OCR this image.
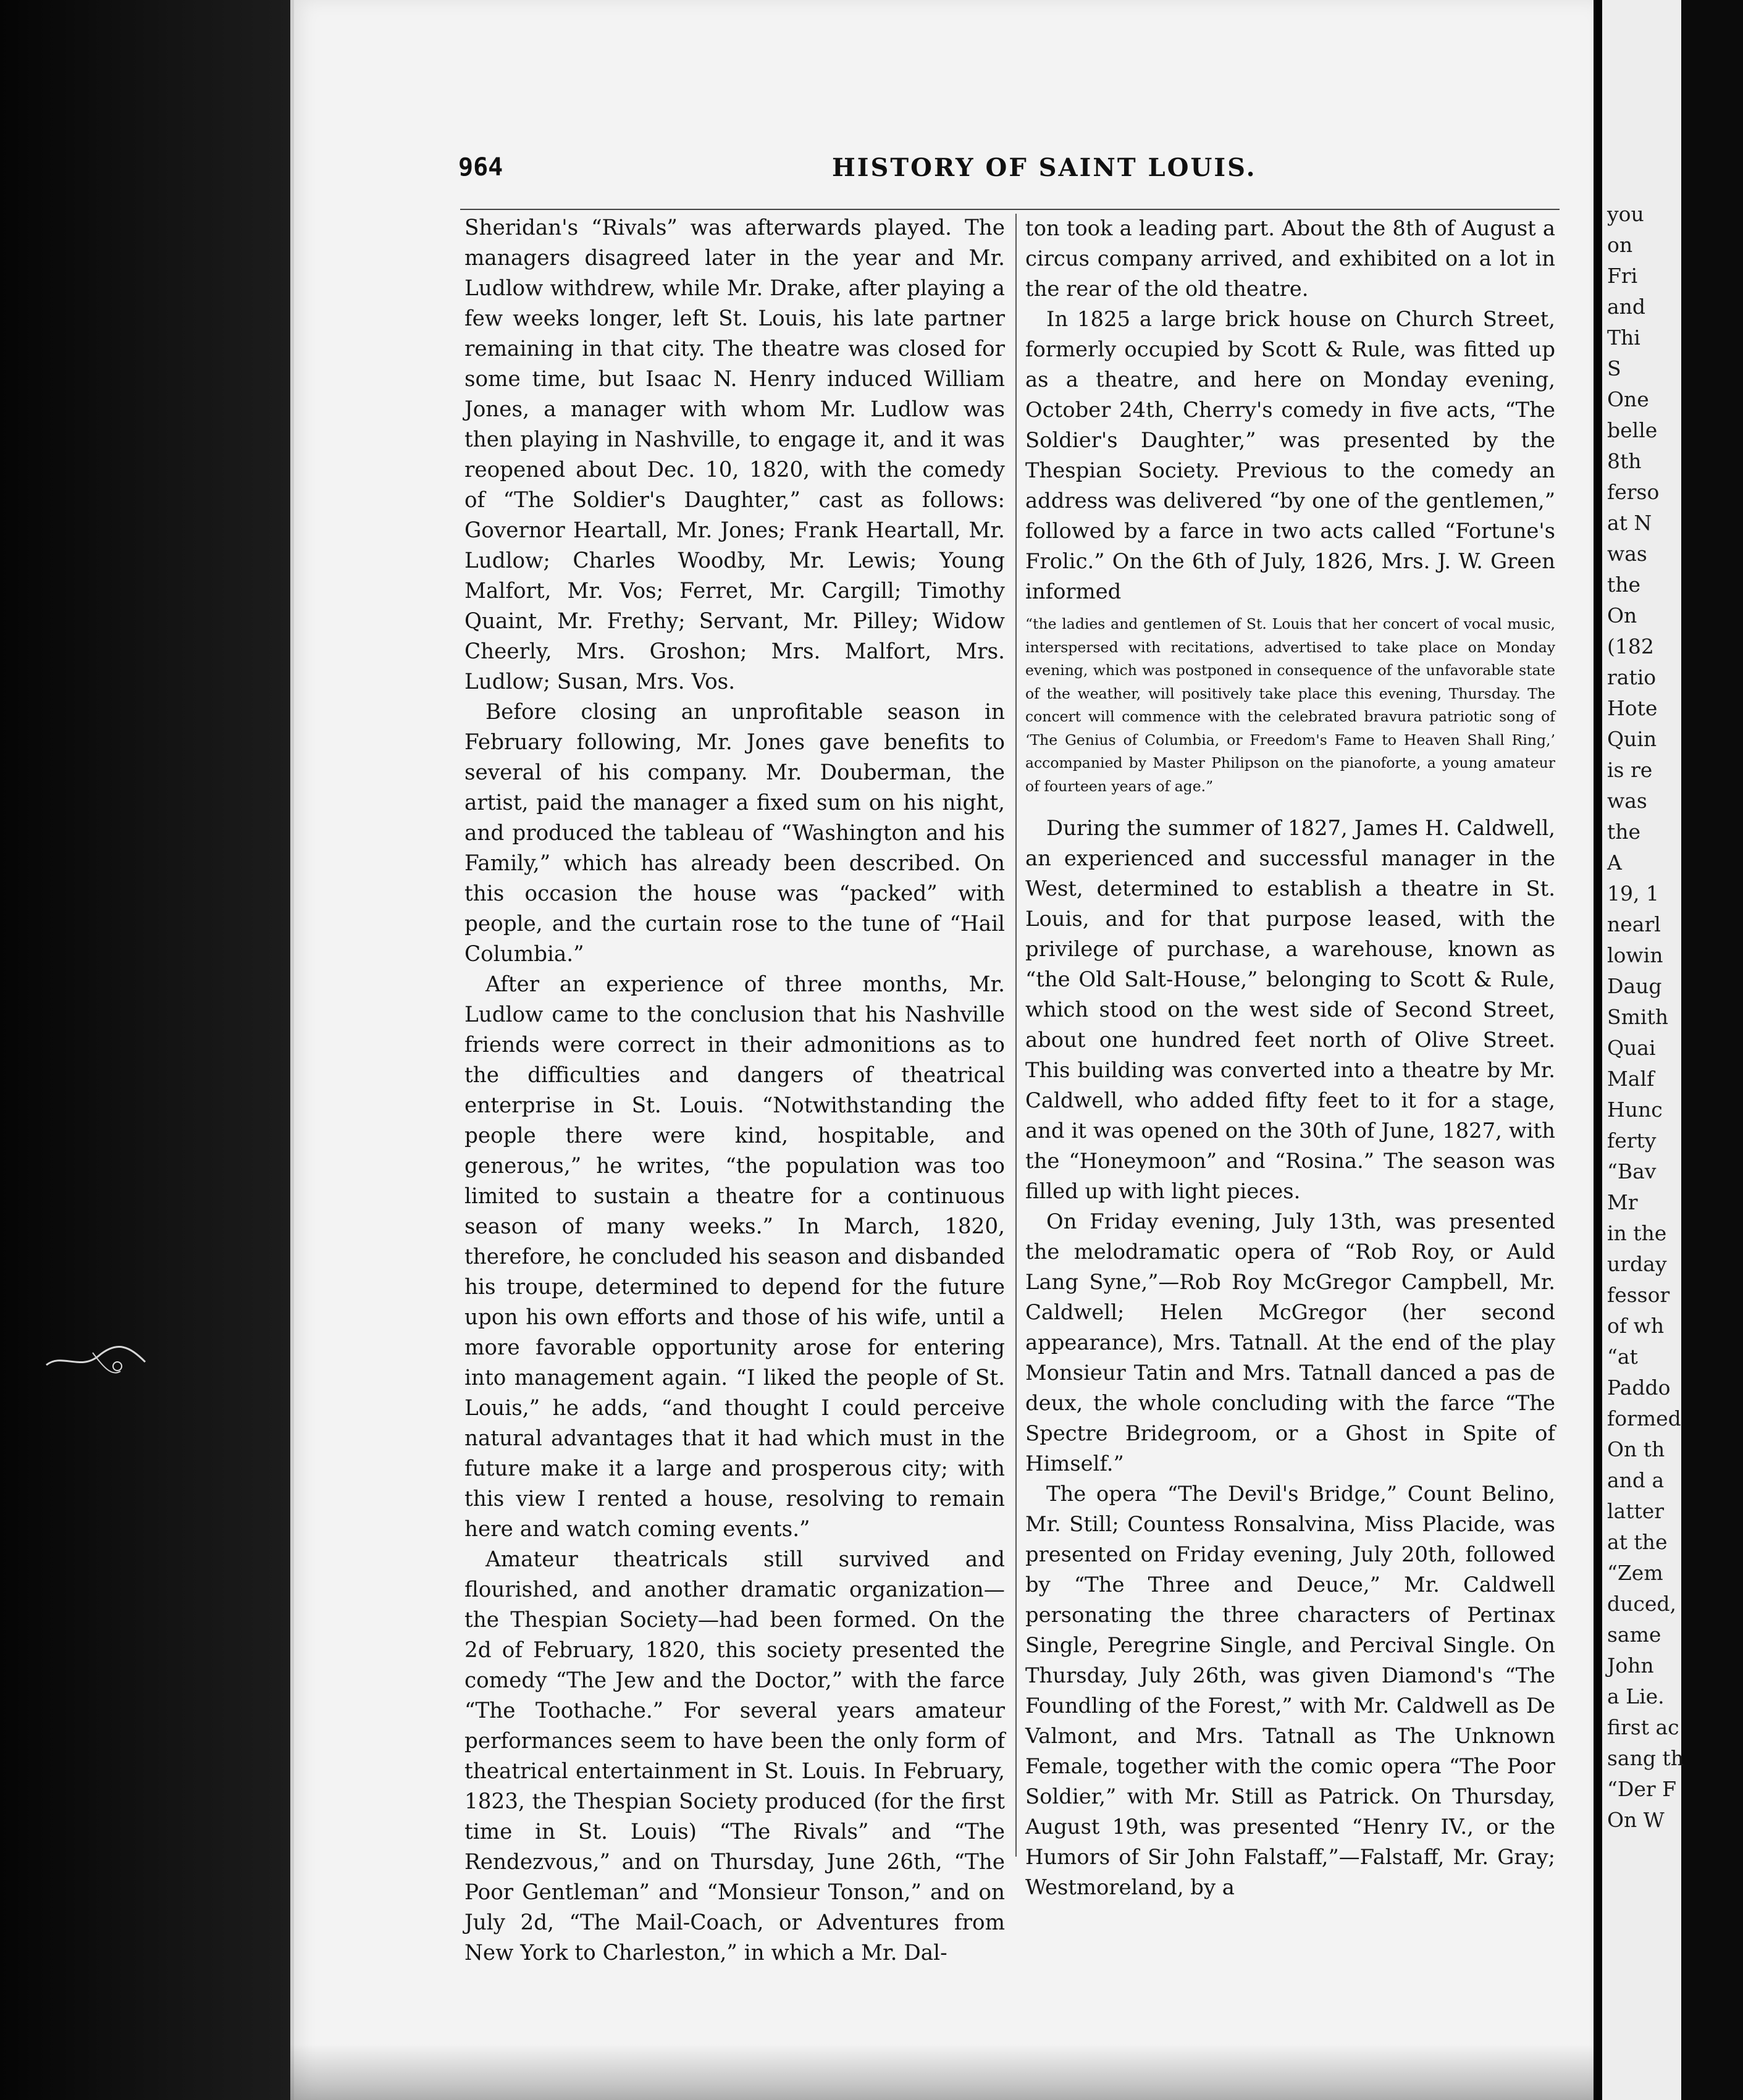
964	HISTORY OF SAINT LOUIS.

Sheridan's “Rivals” was afterwards played. The managers disagreed later in the year and Mr. Ludlow withdrew, while Mr. Drake, after playing a few weeks longer, left St. Louis, his late partner remaining in that city. The theatre was closed for some time, but Isaac N. Henry induced William Jones, a manager with whom Mr. Ludlow was then playing in Nashville, to engage it, and it was reopened about Dec. 10, 1820, with the comedy of “The Soldier's Daughter,” cast as follows: Governor Heartall, Mr. Jones; Frank Heartall, Mr. Ludlow; Charles Woodby, Mr. Lewis; Young Malfort, Mr. Vos; Ferret, Mr. Cargill; Timothy Quaint, Mr. Frethy; Servant, Mr. Pilley; Widow Cheerly, Mrs. Groshon; Mrs. Malfort, Mrs. Ludlow; Susan, Mrs. Vos.

Before closing an unprofitable season in February following, Mr. Jones gave benefits to several of his company. Mr. Douberman, the artist, paid the manager a fixed sum on his night, and produced the tableau of “Washington and his Family,” which has already been described. On this occasion the house was “packed” with people, and the curtain rose to the tune of “Hail Columbia.”

After an experience of three months, Mr. Ludlow came to the conclusion that his Nashville friends were correct in their admonitions as to the difficulties and dangers of theatrical enterprise in St. Louis. “Notwithstanding the people there were kind, hospitable, and generous,” he writes, “the population was too limited to sustain a theatre for a continuous season of many weeks.” In March, 1820, therefore, he concluded his season and disbanded his troupe, determined to depend for the future upon his own efforts and those of his wife, until a more favorable opportunity arose for entering into management again. “I liked the people of St. Louis,” he adds, “and thought I could perceive natural advantages that it had which must in the future make it a large and prosperous city; with this view I rented a house, resolving to remain here and watch coming events.”

Amateur theatricals still survived and flourished, and another dramatic organization—the Thespian Society—had been formed. On the 2d of February, 1820, this society presented the comedy “The Jew and the Doctor,” with the farce “The Toothache.” For several years amateur performances seem to have been the only form of theatrical entertainment in St. Louis. In February, 1823, the Thespian Society produced (for the first time in St. Louis) “The Rivals” and “The Rendezvous,” and on Thursday, June 26th, “The Poor Gentleman” and “Monsieur Tonson,” and on July 2d, “The Mail-Coach, or Adventures from New York to Charleston,” in which a Mr. Dal-

ton took a leading part. About the 8th of August a circus company arrived, and exhibited on a lot in the rear of the old theatre.

In 1825 a large brick house on Church Street, formerly occupied by Scott & Rule, was fitted up as a theatre, and here on Monday evening, October 24th, Cherry's comedy in five acts, “The Soldier's Daughter,” was presented by the Thespian Society. Previous to the comedy an address was delivered “by one of the gentlemen,” followed by a farce in two acts called “Fortune's Frolic.” On the 6th of July, 1826, Mrs. J. W. Green informed

“the ladies and gentlemen of St. Louis that her concert of vocal music, interspersed with recitations, advertised to take place on Monday evening, which was postponed in consequence of the unfavorable state of the weather, will positively take place this evening, Thursday. The concert will commence with the celebrated bravura patriotic song of ‘The Genius of Columbia, or Freedom's Fame to Heaven Shall Ring,’ accompanied by Master Philipson on the pianoforte, a young amateur of fourteen years of age.”

During the summer of 1827, James H. Caldwell, an experienced and successful manager in the West, determined to establish a theatre in St. Louis, and for that purpose leased, with the privilege of purchase, a warehouse, known as “the Old Salt-House,” belonging to Scott & Rule, which stood on the west side of Second Street, about one hundred feet north of Olive Street. This building was converted into a theatre by Mr. Caldwell, who added fifty feet to it for a stage, and it was opened on the 30th of June, 1827, with the “Honeymoon” and “Rosina.” The season was filled up with light pieces.

On Friday evening, July 13th, was presented the melodramatic opera of “Rob Roy, or Auld Lang Syne,”—Rob Roy McGregor Campbell, Mr. Caldwell; Helen McGregor (her second appearance), Mrs. Tatnall. At the end of the play Monsieur Tatin and Mrs. Tatnall danced a pas de deux, the whole concluding with the farce “The Spectre Bridegroom, or a Ghost in Spite of Himself.”

The opera “The Devil's Bridge,” Count Belino, Mr. Still; Countess Ronsalvina, Miss Placide, was presented on Friday evening, July 20th, followed by “The Three and Deuce,” Mr. Caldwell personating the three characters of Pertinax Single, Peregrine Single, and Percival Single. On Thursday, July 26th, was given Diamond's “The Foundling of the Forest,” with Mr. Caldwell as De Valmont, and Mrs. Tatnall as The Unknown Female, together with the comic opera “The Poor Soldier,” with Mr. Still as Patrick. On Thursday, August 19th, was presented “Henry IV., or the Humors of Sir John Falstaff,”—Falstaff, Mr. Gray; Westmoreland, by a

you
on
Fri
and
Thi
S
One
belle
8th
ferso
at N
was
the
On
(182
ratio
Hote
Quin
is re
was
the
A
19, 1
nearl
lowin
Daug
Smith
Quai
Malf
Hunc
ferty
“Bav
Mr
in the
urday
fessor
of wh
“at
Paddo
formed
On th
and a
latter
at the
“Zem
duced,
same
John
a Lie.
first ac
sang th
“Der F
On W
